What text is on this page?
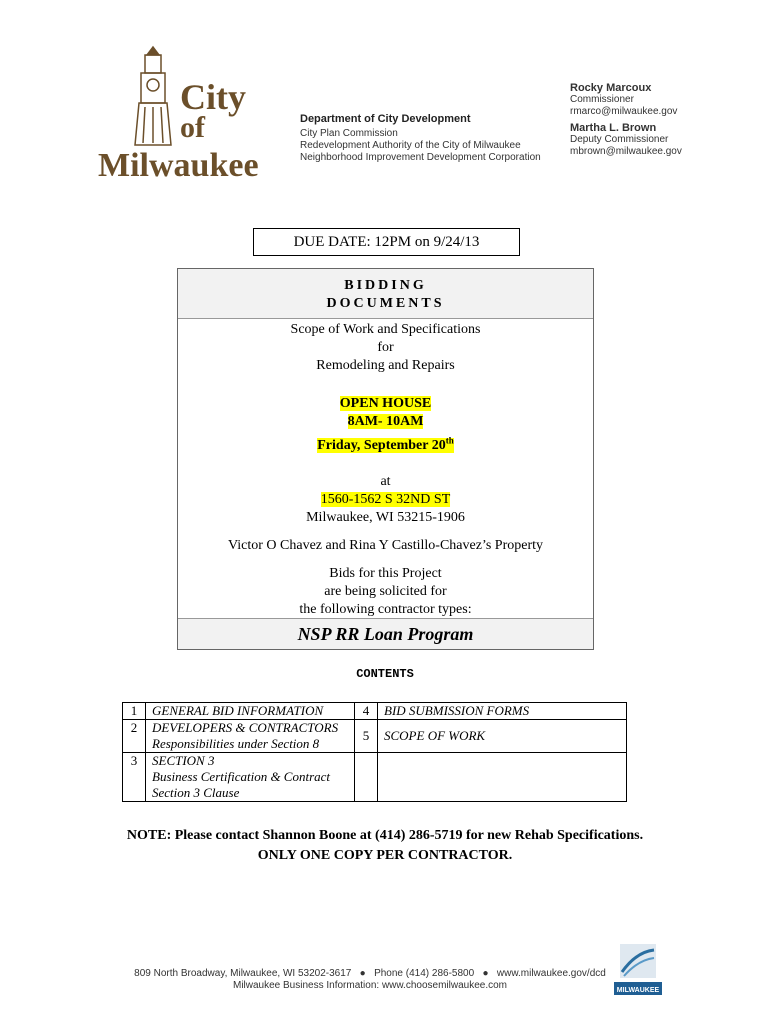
City
of
Milwaukee
Department of City Development
City Plan Commission
Redevelopment Authority of the City of Milwaukee
Neighborhood Improvement Development Corporation
Rocky Marcoux
Commissioner
rmarco@milwaukee.gov
Martha L. Brown
Deputy Commissioner
mbrown@milwaukee.gov
DUE DATE: 12PM on 9/24/13
BIDDING
DOCUMENTS
Scope of Work and Specifications
for
Remodeling and Repairs
OPEN HOUSE
8AM- 10AM
Friday, September 20th
at
1560-1562 S 32ND ST
Milwaukee, WI 53215-1906
Victor O Chavez and Rina Y Castillo-Chavez’s Property
Bids for this Project
are being solicited for
the following contractor types:
NSP RR Loan Program
CONTENTS
1	GENERAL BID INFORMATION	4	BID SUBMISSION FORMS
2	DEVELOPERS & CONTRACTORS
Responsibilities under Section 8	5	SCOPE OF WORK
3	SECTION 3
Business Certification & Contract
Section 3 Clause		

NOTE: Please contact Shannon Boone at (414) 286-5719 for new Rehab Specifications.
ONLY ONE COPY PER CONTRACTOR.
809 North Broadway, Milwaukee, WI 53202-3617 ● Phone (414) 286-5800 ● www.milwaukee.gov/dcd
Milwaukee Business Information: www.choosemilwaukee.com	MILWAUKEE
